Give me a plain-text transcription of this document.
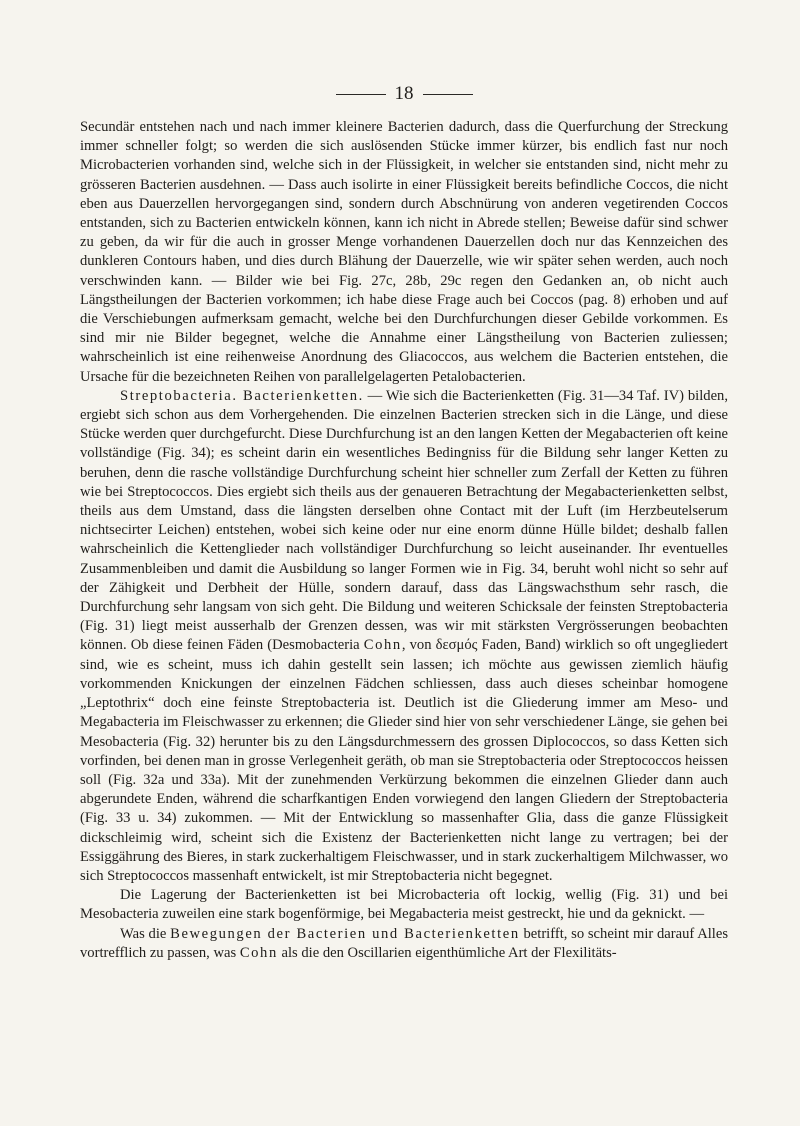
18

Secundär entstehen nach und nach immer kleinere Bacterien dadurch, dass die Querfurchung der Streckung immer schneller folgt; so werden die sich auslösenden Stücke immer kürzer, bis endlich fast nur noch Microbacterien vorhanden sind, welche sich in der Flüssigkeit, in welcher sie entstanden sind, nicht mehr zu grösseren Bacterien ausdehnen. — Dass auch isolirte in einer Flüssigkeit bereits befindliche Coccos, die nicht eben aus Dauerzellen hervorgegangen sind, sondern durch Abschnürung von anderen vegetirenden Coccos entstanden, sich zu Bacterien entwickeln können, kann ich nicht in Abrede stellen; Beweise dafür sind schwer zu geben, da wir für die auch in grosser Menge vorhandenen Dauerzellen doch nur das Kennzeichen des dunkleren Contours haben, und dies durch Blähung der Dauerzelle, wie wir später sehen werden, auch noch verschwinden kann. — Bilder wie bei Fig. 27c, 28b, 29c regen den Gedanken an, ob nicht auch Längstheilungen der Bacterien vorkommen; ich habe diese Frage auch bei Coccos (pag. 8) erhoben und auf die Verschiebungen aufmerksam gemacht, welche bei den Durchfurchungen dieser Gebilde vorkommen. Es sind mir nie Bilder begegnet, welche die Annahme einer Längstheilung von Bacterien zuliessen; wahrscheinlich ist eine reihenweise Anordnung des Gliacoccos, aus welchem die Bacterien entstehen, die Ursache für die bezeichneten Reihen von parallelgelagerten Petalobacterien.

Streptobacteria. Bacterienketten. — Wie sich die Bacterienketten (Fig. 31—34 Taf. IV) bilden, ergiebt sich schon aus dem Vorhergehenden. Die einzelnen Bacterien strecken sich in die Länge, und diese Stücke werden quer durchgefurcht. Diese Durchfurchung ist an den langen Ketten der Megabacterien oft keine vollständige (Fig. 34); es scheint darin ein wesentliches Bedingniss für die Bildung sehr langer Ketten zu beruhen, denn die rasche vollständige Durchfurchung scheint hier schneller zum Zerfall der Ketten zu führen wie bei Streptococcos. Dies ergiebt sich theils aus der genaueren Betrachtung der Megabacterienketten selbst, theils aus dem Umstand, dass die längsten derselben ohne Contact mit der Luft (im Herzbeutelserum nichtsecirter Leichen) entstehen, wobei sich keine oder nur eine enorm dünne Hülle bildet; deshalb fallen wahrscheinlich die Kettenglieder nach vollständiger Durchfurchung so leicht auseinander. Ihr eventuelles Zusammenbleiben und damit die Ausbildung so langer Formen wie in Fig. 34, beruht wohl nicht so sehr auf der Zähigkeit und Derbheit der Hülle, sondern darauf, dass das Längswachsthum sehr rasch, die Durchfurchung sehr langsam von sich geht. Die Bildung und weiteren Schicksale der feinsten Streptobacteria (Fig. 31) liegt meist ausserhalb der Grenzen dessen, was wir mit stärksten Vergrösserungen beobachten können. Ob diese feinen Fäden (Desmobacteria Cohn, von δεσμός Faden, Band) wirklich so oft ungegliedert sind, wie es scheint, muss ich dahin gestellt sein lassen; ich möchte aus gewissen ziemlich häufig vorkommenden Knickungen der einzelnen Fädchen schliessen, dass auch dieses scheinbar homogene „Leptothrix“ doch eine feinste Streptobacteria ist. Deutlich ist die Gliederung immer am Meso- und Megabacteria im Fleischwasser zu erkennen; die Glieder sind hier von sehr verschiedener Länge, sie gehen bei Mesobacteria (Fig. 32) herunter bis zu den Längsdurchmessern des grossen Diplococcos, so dass Ketten sich vorfinden, bei denen man in grosse Verlegenheit geräth, ob man sie Streptobacteria oder Streptococcos heissen soll (Fig. 32a und 33a). Mit der zunehmenden Verkürzung bekommen die einzelnen Glieder dann auch abgerundete Enden, während die scharfkantigen Enden vorwiegend den langen Gliedern der Streptobacteria (Fig. 33 u. 34) zukommen. — Mit der Entwicklung so massenhafter Glia, dass die ganze Flüssigkeit dickschleimig wird, scheint sich die Existenz der Bacterienketten nicht lange zu vertragen; bei der Essiggährung des Bieres, in stark zuckerhaltigem Fleischwasser, und in stark zuckerhaltigem Milchwasser, wo sich Streptococcos massenhaft entwickelt, ist mir Streptobacteria nicht begegnet.

Die Lagerung der Bacterienketten ist bei Microbacteria oft lockig, wellig (Fig. 31) und bei Mesobacteria zuweilen eine stark bogenförmige, bei Megabacteria meist gestreckt, hie und da geknickt. —

Was die Bewegungen der Bacterien und Bacterienketten betrifft, so scheint mir darauf Alles vortrefflich zu passen, was Cohn als die den Oscillarien eigenthümliche Art der Flexilitäts-
